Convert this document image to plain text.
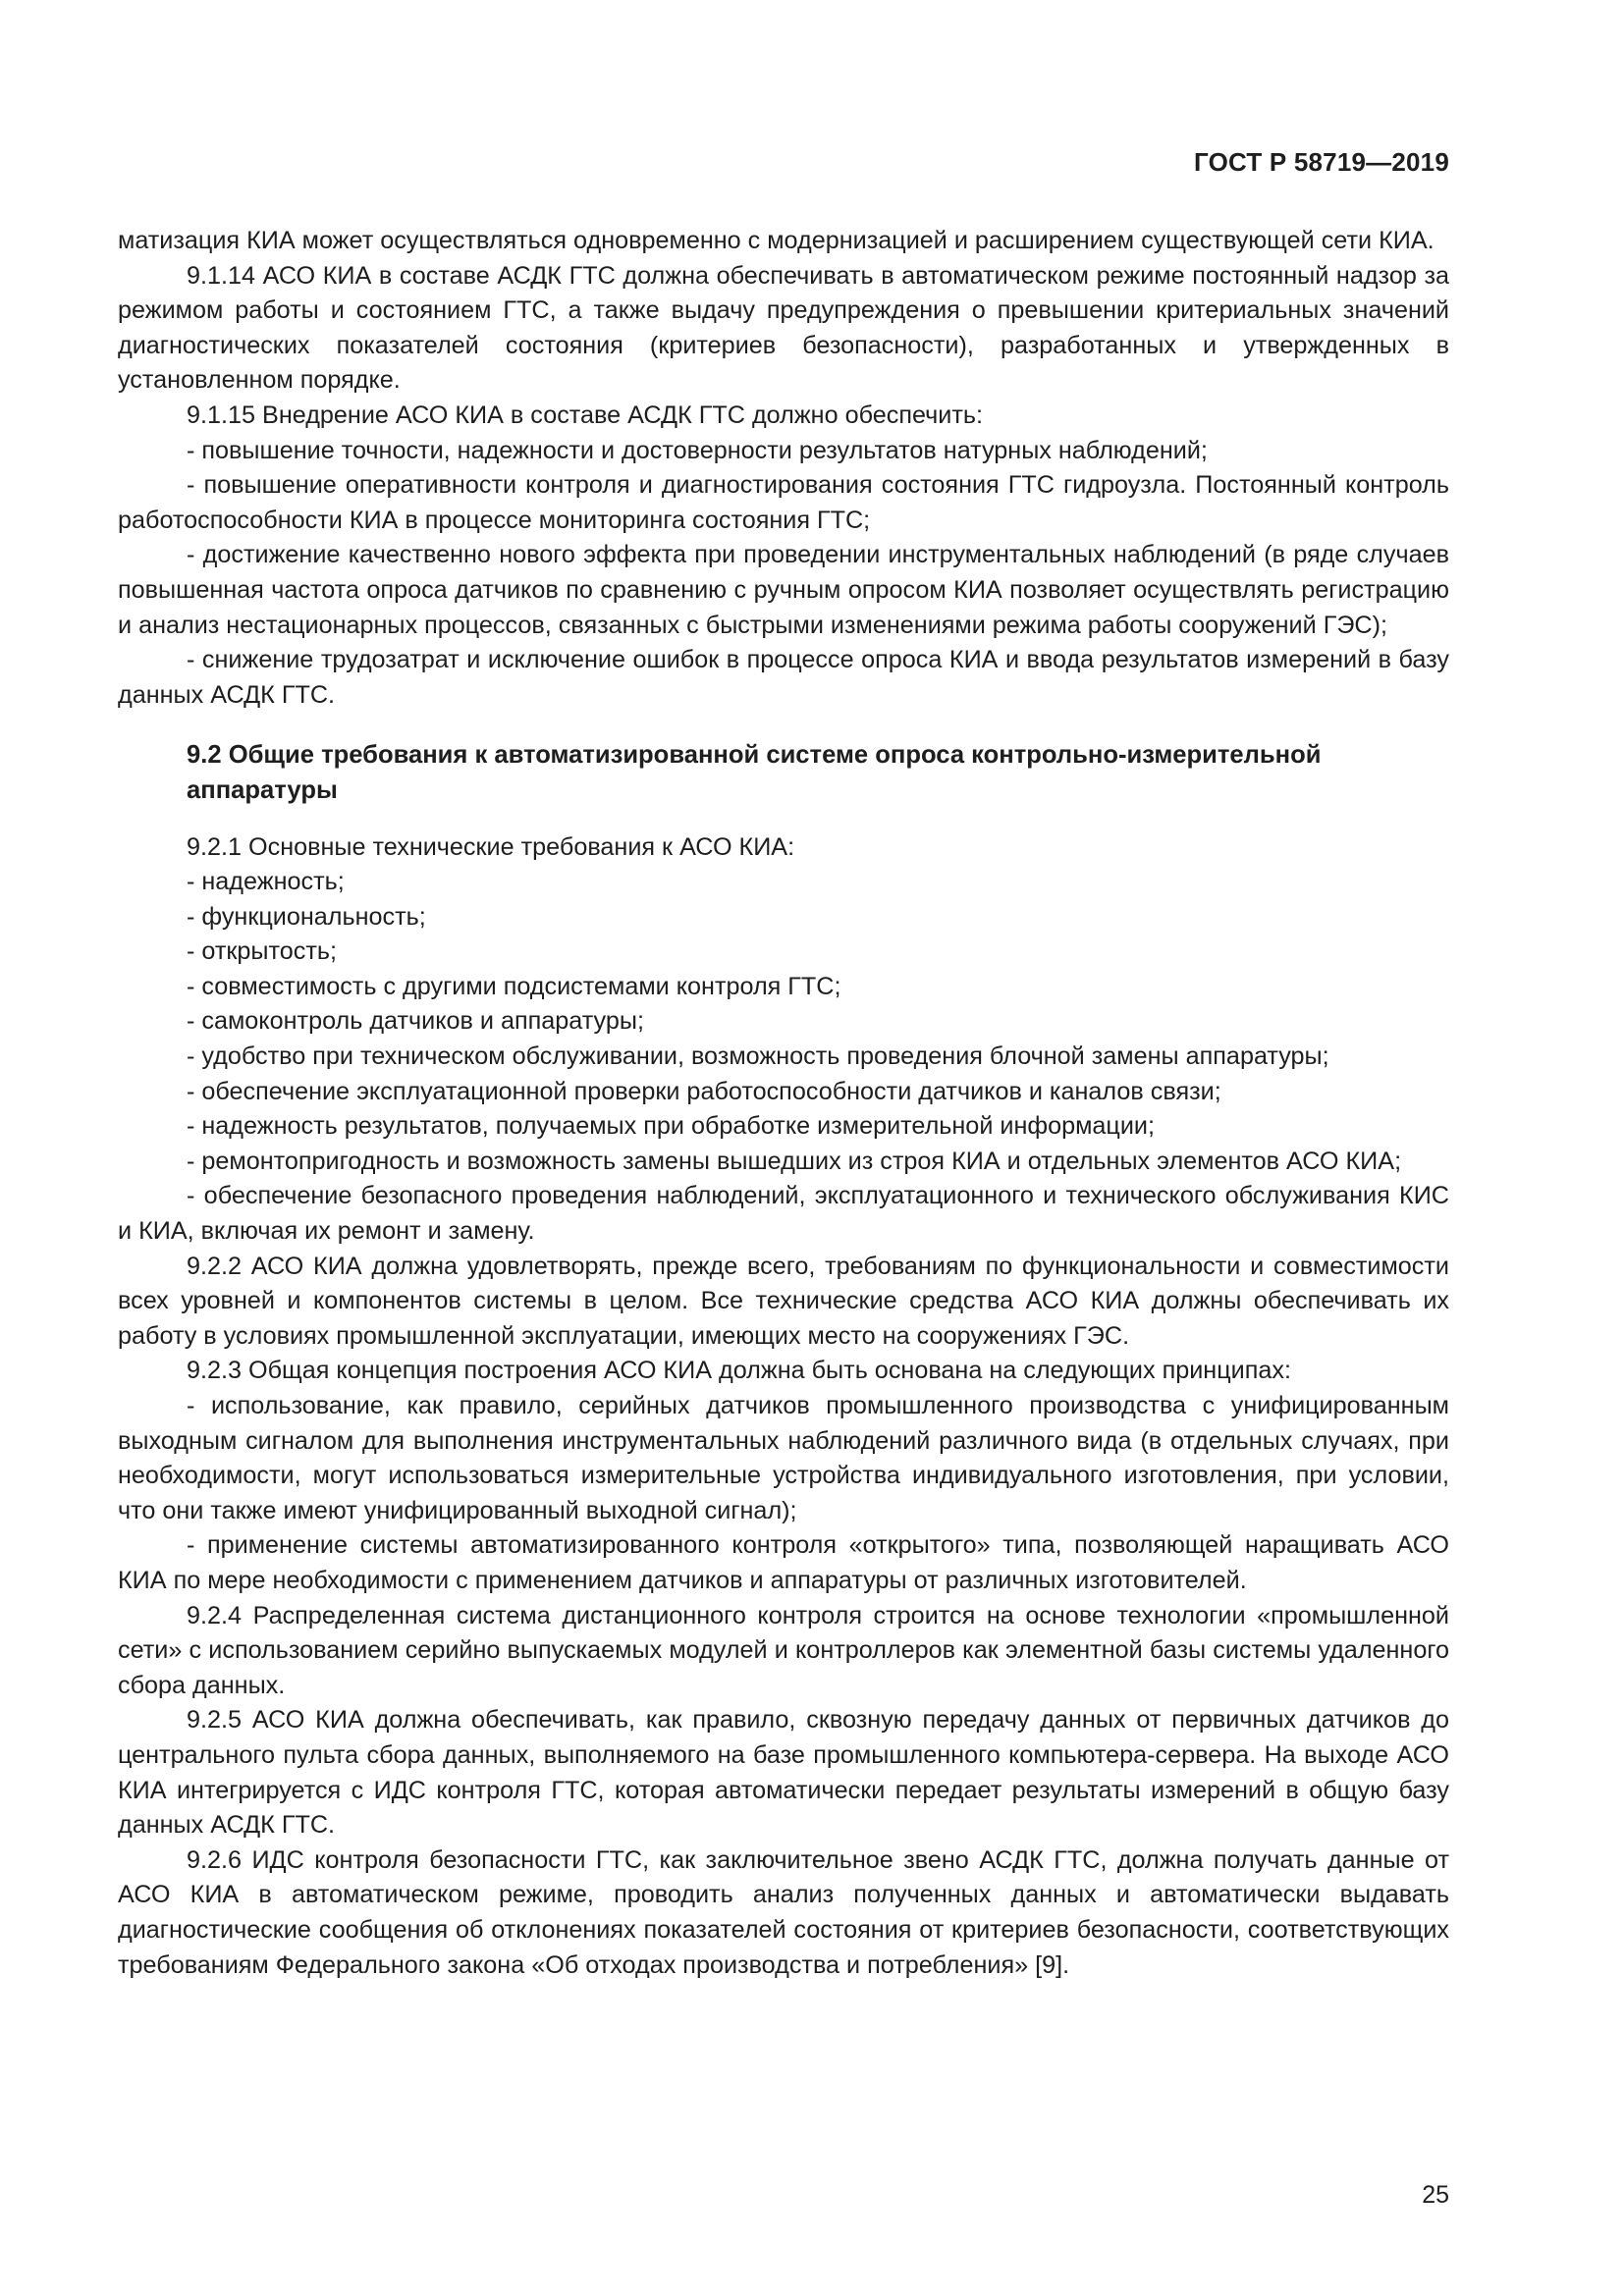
ГОСТ Р 58719—2019

матизация КИА может осуществляться одновременно с модернизацией и расширением существующей сети КИА.

9.1.14 АСО КИА в составе АСДК ГТС должна обеспечивать в автоматическом режиме постоянный надзор за режимом работы и состоянием ГТС, а также выдачу предупреждения о превышении критериальных значений диагностических показателей состояния (критериев безопасности), разработанных и утвержденных в установленном порядке.

9.1.15 Внедрение АСО КИА в составе АСДК ГТС должно обеспечить:

- повышение точности, надежности и достоверности результатов натурных наблюдений;

- повышение оперативности контроля и диагностирования состояния ГТС гидроузла. Постоянный контроль работоспособности КИА в процессе мониторинга состояния ГТС;

- достижение качественно нового эффекта при проведении инструментальных наблюдений (в ряде случаев повышенная частота опроса датчиков по сравнению с ручным опросом КИА позволяет осуществлять регистрацию и анализ нестационарных процессов, связанных с быстрыми изменениями режима работы сооружений ГЭС);

- снижение трудозатрат и исключение ошибок в процессе опроса КИА и ввода результатов измерений в базу данных АСДК ГТС.

9.2 Общие требования к автоматизированной системе опроса контрольно-измерительной аппаратуры

9.2.1 Основные технические требования к АСО КИА:

- надежность;

- функциональность;

- открытость;

- совместимость с другими подсистемами контроля ГТС;

- самоконтроль датчиков и аппаратуры;

- удобство при техническом обслуживании, возможность проведения блочной замены аппаратуры;

- обеспечение эксплуатационной проверки работоспособности датчиков и каналов связи;

- надежность результатов, получаемых при обработке измерительной информации;

- ремонтопригодность и возможность замены вышедших из строя КИА и отдельных элементов АСО КИА;

- обеспечение безопасного проведения наблюдений, эксплуатационного и технического обслуживания КИС и КИА, включая их ремонт и замену.

9.2.2 АСО КИА должна удовлетворять, прежде всего, требованиям по функциональности и совместимости всех уровней и компонентов системы в целом. Все технические средства АСО КИА должны обеспечивать их работу в условиях промышленной эксплуатации, имеющих место на сооружениях ГЭС.

9.2.3 Общая концепция построения АСО КИА должна быть основана на следующих принципах:

- использование, как правило, серийных датчиков промышленного производства с унифицированным выходным сигналом для выполнения инструментальных наблюдений различного вида (в отдельных случаях, при необходимости, могут использоваться измерительные устройства индивидуального изготовления, при условии, что они также имеют унифицированный выходной сигнал);

- применение системы автоматизированного контроля «открытого» типа, позволяющей наращивать АСО КИА по мере необходимости с применением датчиков и аппаратуры от различных изготовителей.

9.2.4 Распределенная система дистанционного контроля строится на основе технологии «промышленной сети» с использованием серийно выпускаемых модулей и контроллеров как элементной базы системы удаленного сбора данных.

9.2.5 АСО КИА должна обеспечивать, как правило, сквозную передачу данных от первичных датчиков до центрального пульта сбора данных, выполняемого на базе промышленного компьютера-сервера. На выходе АСО КИА интегрируется с ИДС контроля ГТС, которая автоматически передает результаты измерений в общую базу данных АСДК ГТС.

9.2.6 ИДС контроля безопасности ГТС, как заключительное звено АСДК ГТС, должна получать данные от АСО КИА в автоматическом режиме, проводить анализ полученных данных и автоматически выдавать диагностические сообщения об отклонениях показателей состояния от критериев безопасности, соответствующих требованиям Федерального закона «Об отходах производства и потребления» [9].

25
